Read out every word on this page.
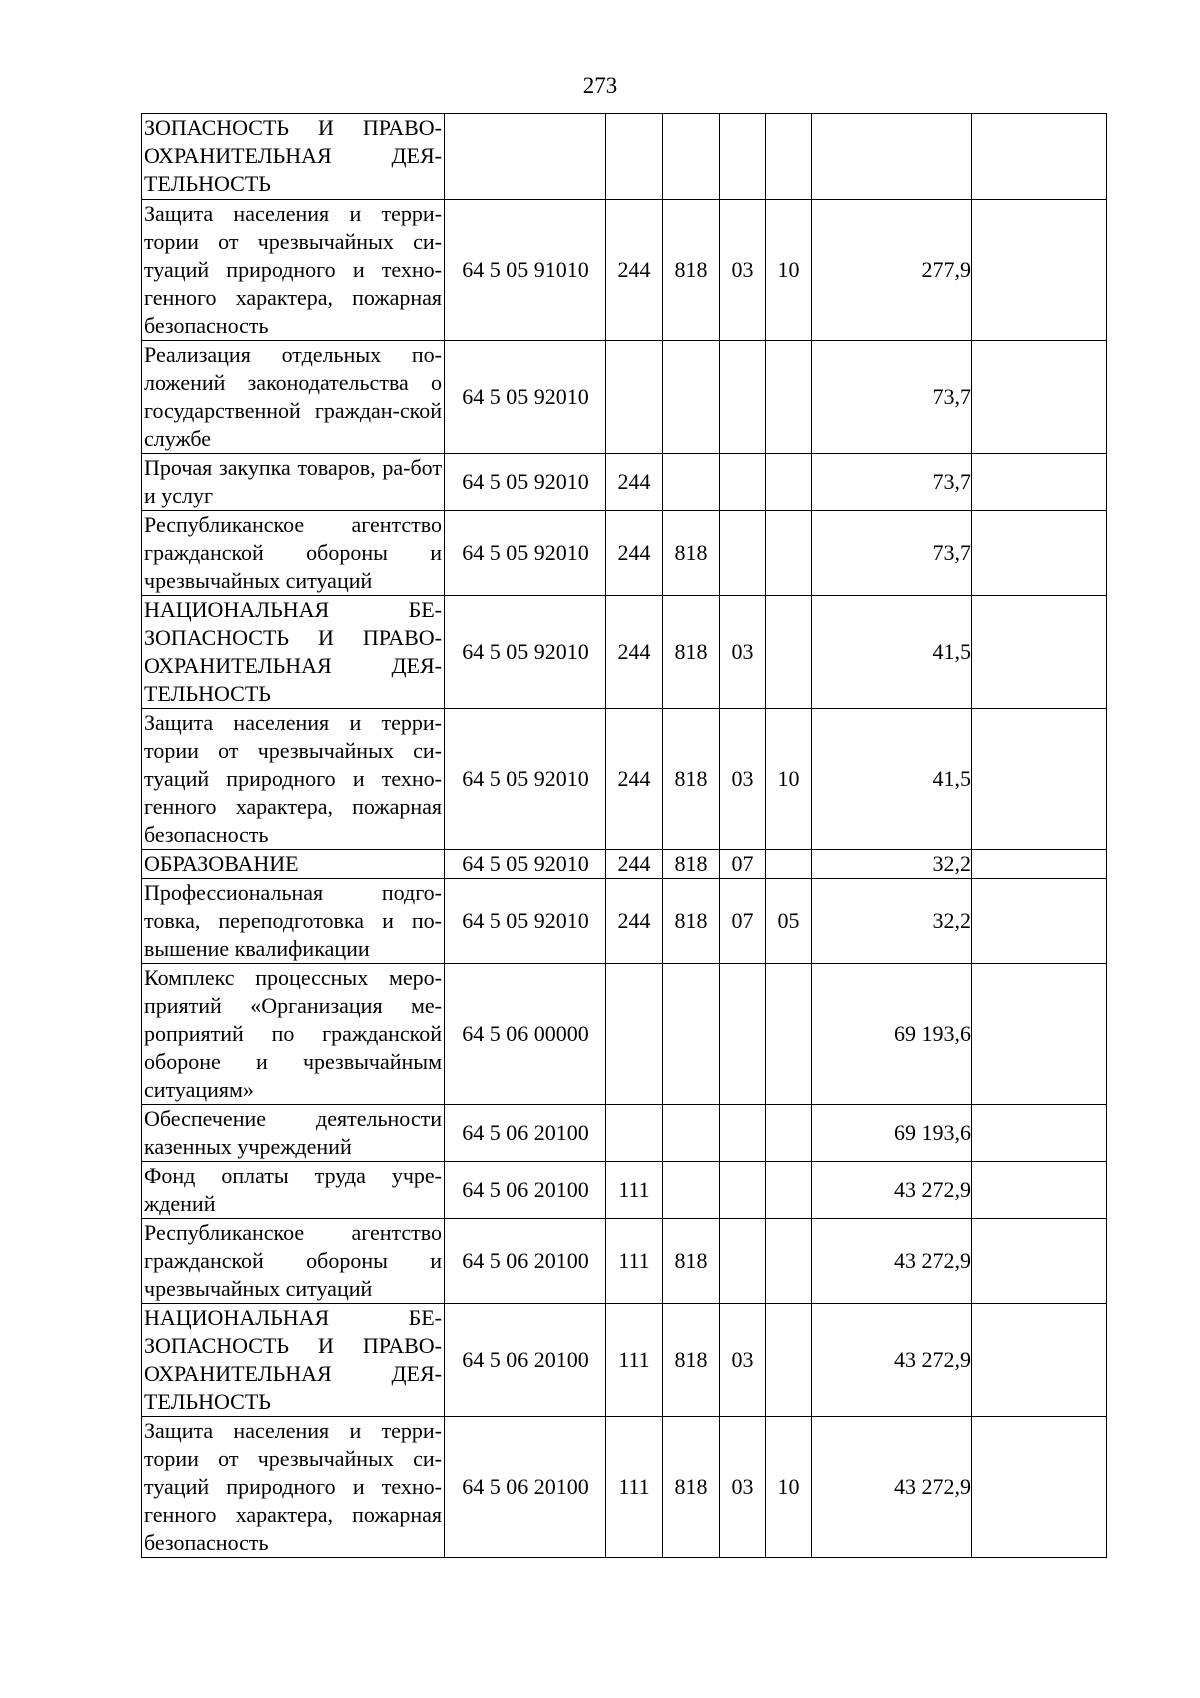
273
ЗОПАСНОСТЬ И ПРАВО-ОХРАНИТЕЛЬНАЯ ДЕЯ-ТЕЛЬНОСТЬ							
Защита населения и терри-тории от чрезвычайных си-туаций природного и техно-генного характера, пожарная безопасность	64 5 05 91010	244	818	03	10	277,9	
Реализация отдельных по-ложений законодательства о государственной граждан-ской службе	64 5 05 92010					73,7	
Прочая закупка товаров, ра-бот и услуг	64 5 05 92010	244				73,7	
Республиканское агентство гражданской обороны и чрезвычайных ситуаций	64 5 05 92010	244	818			73,7	
НАЦИОНАЛЬНАЯ БЕ-ЗОПАСНОСТЬ И ПРАВО-ОХРАНИТЕЛЬНАЯ ДЕЯ-ТЕЛЬНОСТЬ	64 5 05 92010	244	818	03		41,5	
Защита населения и терри-тории от чрезвычайных си-туаций природного и техно-генного характера, пожарная безопасность	64 5 05 92010	244	818	03	10	41,5	
ОБРАЗОВАНИЕ	64 5 05 92010	244	818	07		32,2	
Профессиональная подго-товка, переподготовка и по-вышение квалификации	64 5 05 92010	244	818	07	05	32,2	
Комплекс процессных меро-приятий «Организация ме-роприятий по гражданской обороне и чрезвычайным ситуациям»	64 5 06 00000					69 193,6	
Обеспечение деятельности казенных учреждений	64 5 06 20100					69 193,6	
Фонд оплаты труда учре-ждений	64 5 06 20100	111				43 272,9	
Республиканское агентство гражданской обороны и чрезвычайных ситуаций	64 5 06 20100	111	818			43 272,9	
НАЦИОНАЛЬНАЯ БЕ-ЗОПАСНОСТЬ И ПРАВО-ОХРАНИТЕЛЬНАЯ ДЕЯ-ТЕЛЬНОСТЬ	64 5 06 20100	111	818	03		43 272,9	
Защита населения и терри-тории от чрезвычайных си-туаций природного и техно-генного характера, пожарная безопасность	64 5 06 20100	111	818	03	10	43 272,9	
